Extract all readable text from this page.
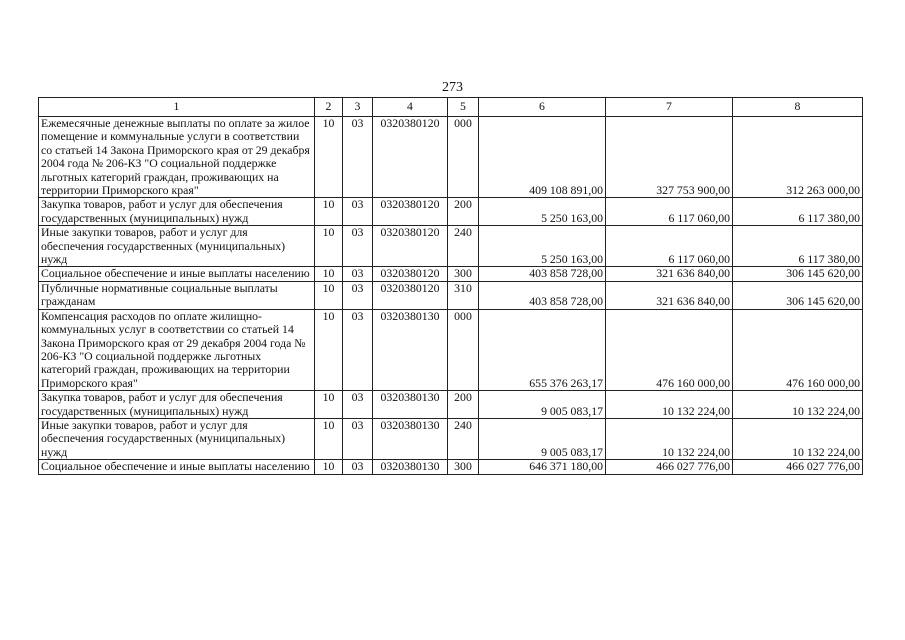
273
1	2	3	4	5	6	7	8
Ежемесячные денежные выплаты по оплате за жилое помещение и коммунальные услуги в соответствии со статьей 14 Закона Приморского края от 29 декабря 2004 года № 206-КЗ "О социальной поддержке льготных категорий граждан, проживающих на территории Приморского края"	10	03	0320380120	000	409 108 891,00	327 753 900,00	312 263 000,00
Закупка товаров, работ и услуг для обеспечения государственных (муниципальных) нужд	10	03	0320380120	200	5 250 163,00	6 117 060,00	6 117 380,00
Иные закупки товаров, работ и услуг для обеспечения государственных (муниципальных) нужд	10	03	0320380120	240	5 250 163,00	6 117 060,00	6 117 380,00
Социальное обеспечение и иные выплаты населению	10	03	0320380120	300	403 858 728,00	321 636 840,00	306 145 620,00
Публичные нормативные социальные выплаты гражданам	10	03	0320380120	310	403 858 728,00	321 636 840,00	306 145 620,00
Компенсация расходов по оплате жилищно-коммунальных услуг в соответствии со статьей 14 Закона Приморского края от 29 декабря 2004 года № 206-КЗ "О социальной поддержке льготных категорий граждан, проживающих на территории Приморского края"	10	03	0320380130	000	655 376 263,17	476 160 000,00	476 160 000,00
Закупка товаров, работ и услуг для обеспечения государственных (муниципальных) нужд	10	03	0320380130	200	9 005 083,17	10 132 224,00	10 132 224,00
Иные закупки товаров, работ и услуг для обеспечения государственных (муниципальных) нужд	10	03	0320380130	240	9 005 083,17	10 132 224,00	10 132 224,00
Социальное обеспечение и иные выплаты населению	10	03	0320380130	300	646 371 180,00	466 027 776,00	466 027 776,00
